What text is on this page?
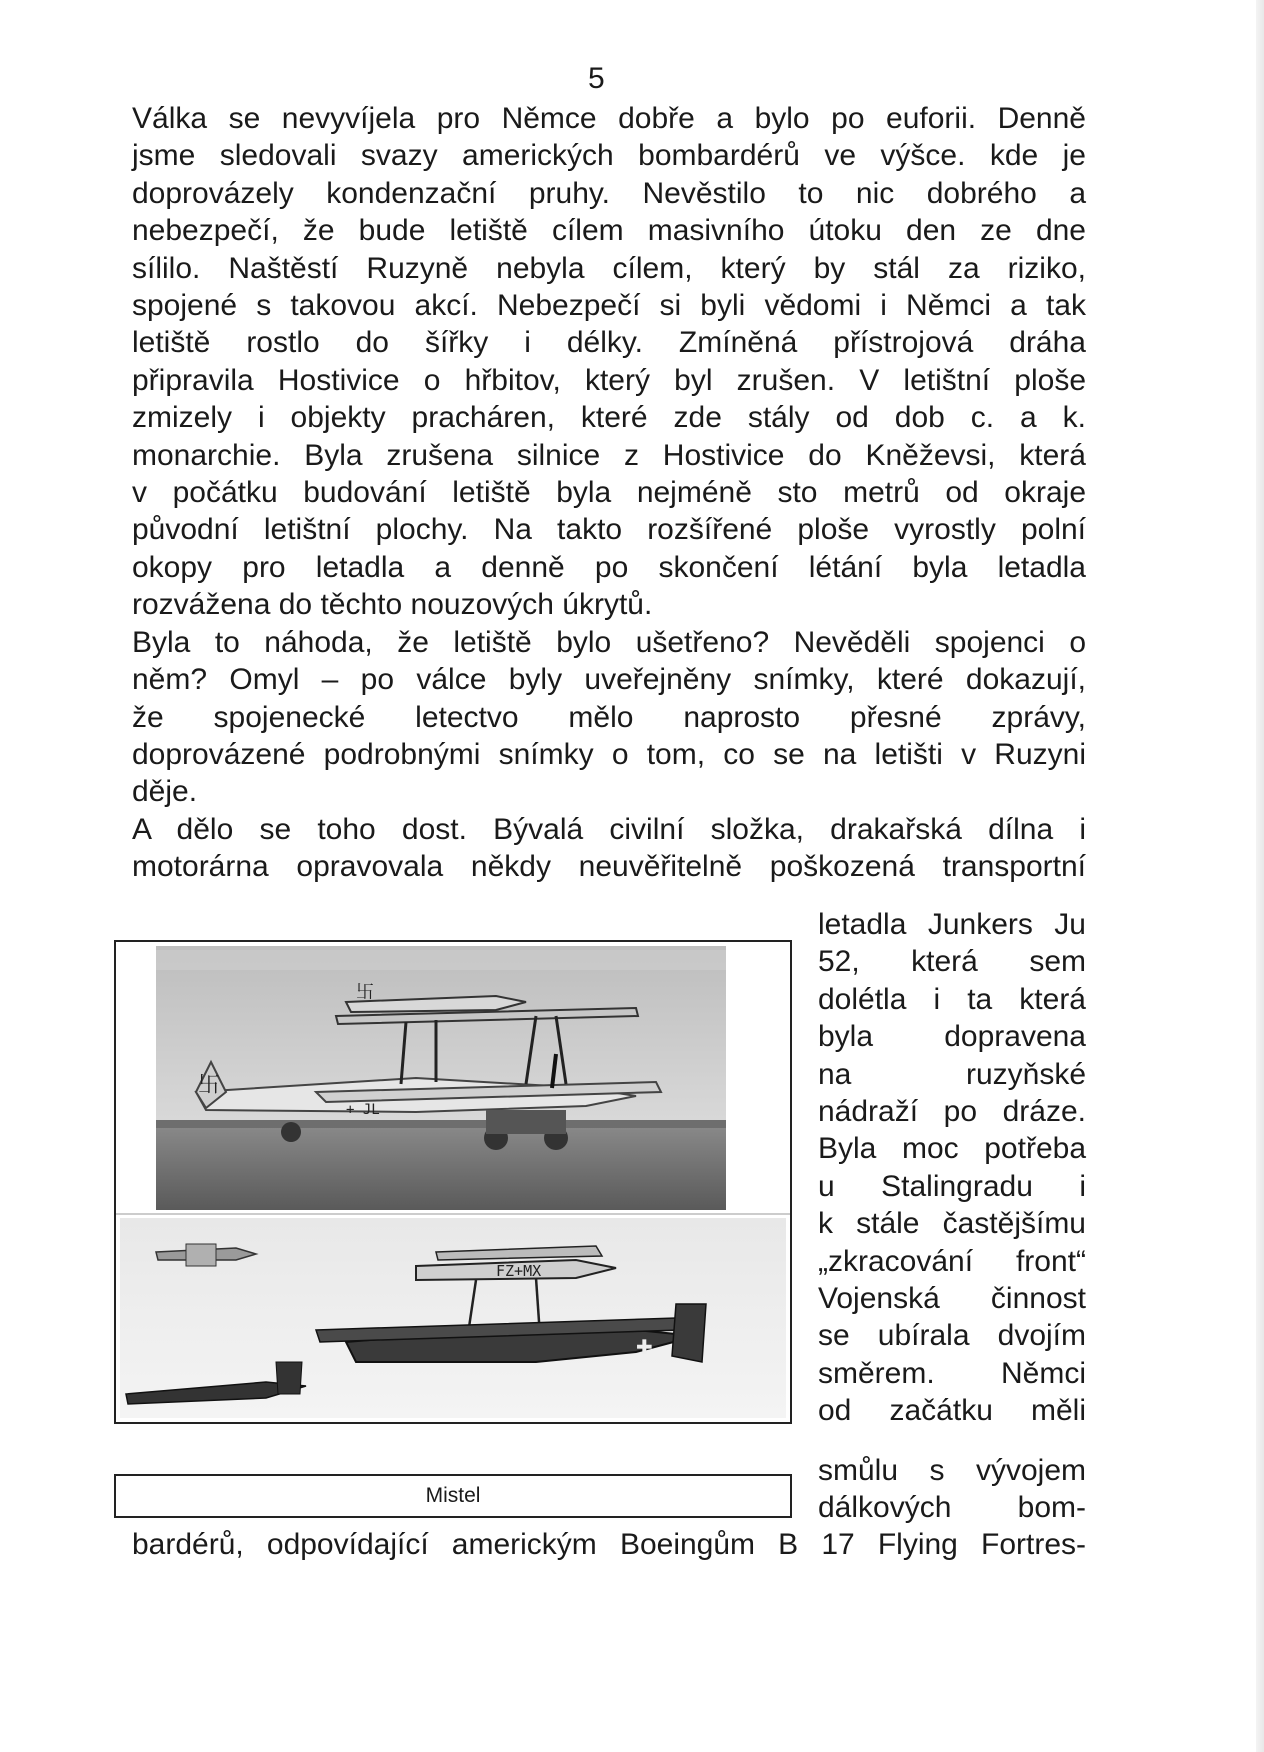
5
Válka se nevyvíjela pro Němce dobře a bylo po euforii. Denně
jsme sledovali svazy amerických bombardérů ve výšce. kde je
doprovázely kondenzační pruhy. Nevěstilo to nic dobrého a
nebezpečí, že bude letiště cílem masivního útoku den ze dne
sílilo. Naštěstí Ruzyně nebyla cílem, který by stál za riziko,
spojené s takovou akcí. Nebezpečí si byli vědomi i Němci a tak
letiště rostlo do šířky i délky. Zmíněná přístrojová dráha
připravila Hostivice o hřbitov, který byl zrušen. V letištní ploše
zmizely i objekty pracháren, které zde stály od dob c. a k.
monarchie. Byla zrušena silnice z Hostivice do Kněževsi, která
v počátku budování letiště byla nejméně sto metrů od okraje
původní letištní plochy. Na takto rozšířené ploše vyrostly polní
okopy pro letadla a denně po skončení létání byla letadla
rozvážena do těchto nouzových úkrytů.
Byla to náhoda, že letiště bylo ušetřeno? Nevěděli spojenci o
něm? Omyl – po válce byly uveřejněny snímky, které dokazují,
že spojenecké letectvo mělo naprosto přesné zprávy,
doprovázené podrobnými snímky o tom, co se na letišti v Ruzyni
děje.
A dělo se toho dost. Bývalá civilní složka, drakařská dílna i
motorárna opravovala někdy neuvěřitelně poškozená transportní
letadla Junkers Ju
52, která sem
dolétla i ta která
byla dopravena
na ruzyňské
nádraží po dráze.
Byla moc potřeba
u Stalingradu i
k stále častějšímu
„zkracování front“
Vojenská činnost
se ubírala dvojím
směrem. Němci
od začátku měli
卐
+ JL
卐
FZ+MX
✚
Mistel
smůlu s vývojem
dálkových bom-
bardérů, odpovídající americkým Boeingům B 17 Flying Fortres-
